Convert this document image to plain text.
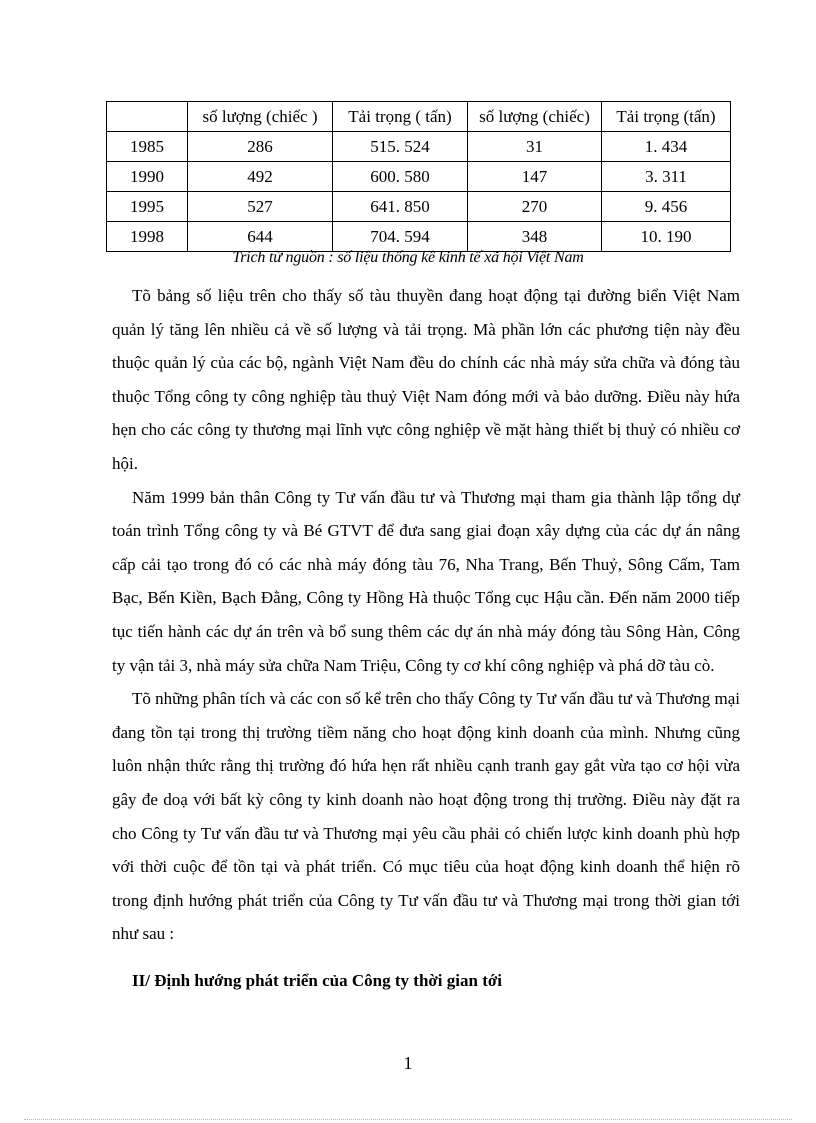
	số lượng (chiếc )	Tải trọng ( tấn)	số lượng (chiếc)	Tải trọng (tấn)
1985	286	515. 524	31	1. 434
1990	492	600. 580	147	3. 311
1995	527	641. 850	270	9. 456
1998	644	704. 594	348	10. 190
Trích từ nguồn : số liệu thống kê kinh tế xã hội Việt Nam

Tõ bảng số liệu trên cho thấy số tàu thuyền đang hoạt động tại đường biển Việt Nam quản lý tăng lên nhiều cả về số lượng và tải trọng. Mà phần lớn các phương tiện này đều thuộc quản lý của các bộ, ngành Việt Nam đều do chính các nhà máy sửa chữa và đóng tàu thuộc Tổng công ty công nghiệp tàu thuỷ Việt Nam đóng mới và bảo dưỡng. Điều này hứa hẹn cho các công ty thương mại lĩnh vực công nghiệp về mặt hàng thiết bị thuỷ có nhiều cơ hội.

Năm 1999 bản thân Công ty Tư vấn đầu tư và Thương mại tham gia thành lập tổng dự toán trình Tổng công ty và Bé GTVT để đưa sang giai đoạn xây dựng của các dự án nâng cấp cải tạo trong đó có các nhà máy đóng tàu 76, Nha Trang, Bến Thuỷ, Sông Cấm, Tam Bạc, Bến Kiền, Bạch Đằng, Công ty Hồng Hà thuộc Tổng cục Hậu cần. Đến năm 2000 tiếp tục tiến hành các dự án trên và bổ sung thêm các dự án nhà máy đóng tàu Sông Hàn, Công ty vận tải 3, nhà máy sửa chữa Nam Triệu, Công ty cơ khí công nghiệp và phá dỡ tàu cò.

Tõ những phân tích và các con số kể trên cho thấy Công ty Tư vấn đầu tư và Thương mại đang tồn tại trong thị trường tiềm năng cho hoạt động kinh doanh của mình. Nhưng cũng luôn nhận thức rằng thị trường đó hứa hẹn rất nhiều cạnh tranh gay gắt vừa tạo cơ hội vừa gây đe doạ với bất kỳ công ty kinh doanh nào hoạt động trong thị trường. Điều này đặt ra cho Công ty Tư vấn đầu tư và Thương mại yêu cầu phải có chiến lược kinh doanh phù hợp với thời cuộc để tồn tại và phát triển. Có mục tiêu của hoạt động kinh doanh thể hiện rõ trong định hướng phát triển của Công ty Tư vấn đầu tư và Thương mại trong thời gian tới như sau :

II/ Định hướng phát triển của Công ty thời gian tới
1
